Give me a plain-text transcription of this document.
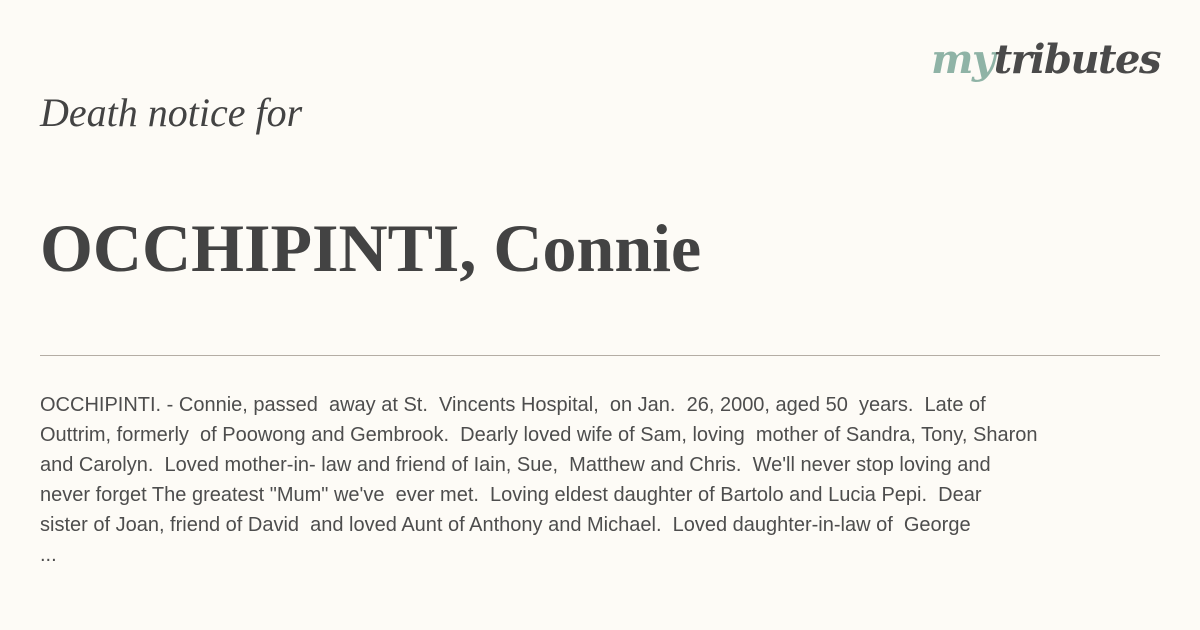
mytributes
Death notice for
OCCHIPINTI, Connie
OCCHIPINTI. - Connie, passed  away at St.  Vincents Hospital,  on Jan.  26, 2000, aged 50  years.  Late of
Outtrim, formerly  of Poowong and Gembrook.  Dearly loved wife of Sam, loving  mother of Sandra, Tony, Sharon
and Carolyn.  Loved mother-in- law and friend of Iain, Sue,  Matthew and Chris.  We'll never stop loving and
never forget The greatest "Mum" we've  ever met.  Loving eldest daughter of Bartolo and Lucia Pepi.  Dear
sister of Joan, friend of David  and loved Aunt of Anthony and Michael.  Loved daughter-in-law of  George
...
